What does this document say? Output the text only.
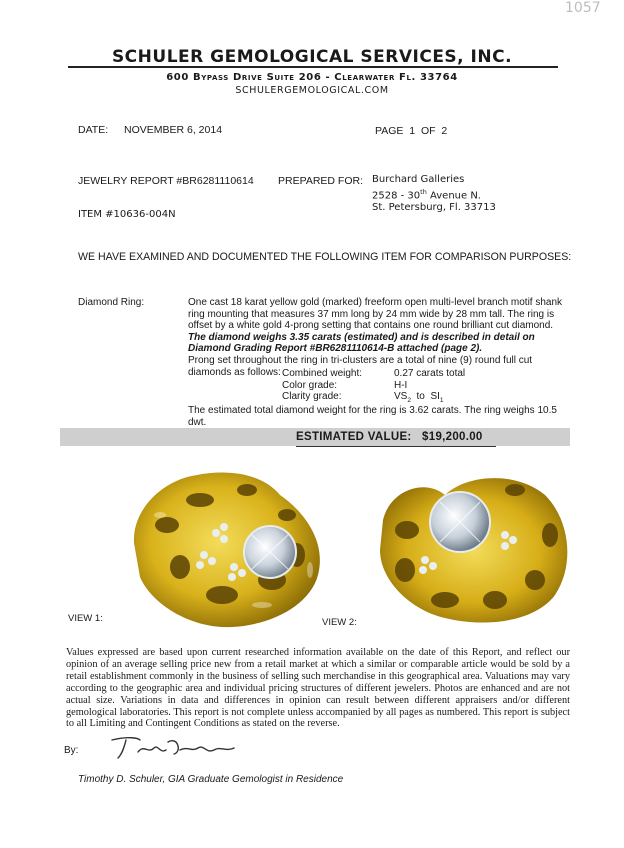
1057
SCHULER GEMOLOGICAL SERVICES, INC.
600 Bypass Drive Suite 206 - Clearwater Fl. 33764
SCHULERGEMOLOGICAL.COM
DATE: NOVEMBER 6, 2014	PAGE 1 OF 2
JEWELRY REPORT #BR6281110614 PREPARED FOR: Burchard Galleries
2528 - 30th Avenue N.
St. Petersburg, Fl. 33713
ITEM #10636-004N
WE HAVE EXAMINED AND DOCUMENTED THE FOLLOWING ITEM FOR COMPARISON PURPOSES:
Diamond Ring:	One cast 18 karat yellow gold (marked) freeform open multi-level branch motif shank ring mounting that measures 37 mm long by 24 mm wide by 28 mm tall. The ring is offset by a white gold 4-prong setting that contains one round brilliant cut diamond. The diamond weighs 3.35 carats (estimated) and is described in detail on Diamond Grading Report #BR6281110614-B attached (page 2).

Prong set throughout the ring in tri-clusters are a total of nine (9) round full cut diamonds as follows: Combined weight:	0.27 carats total
Color grade:	H-I
Clarity grade:	$VS_2$ to $SI_1$
The estimated total diamond weight for the ring is 3.62 carats. The ring weighs 10.5 dwt.
ESTIMATED VALUE: $19,200.00
VIEW 1:	VIEW 2:
Values expressed are based upon current researched information available on the date of this Report, and reflect our opinion of an average selling price new from a retail market at which a similar or comparable article would be sold by a retail establishment commonly in the business of selling such merchandise in this geographical area. Valuations may vary according to the geographic area and individual pricing structures of different jewelers. Photos are enhanced and are not actual size. Variations in data and differences in opinion can result between different appraisers and/or different gemological laboratories. This report is not complete unless accompanied by all pages as numbered. This report is subject to all Limiting and Contingent Conditions as stated on the reverse.
By:
Timothy D. Schuler, GIA Graduate Gemologist in Residence
